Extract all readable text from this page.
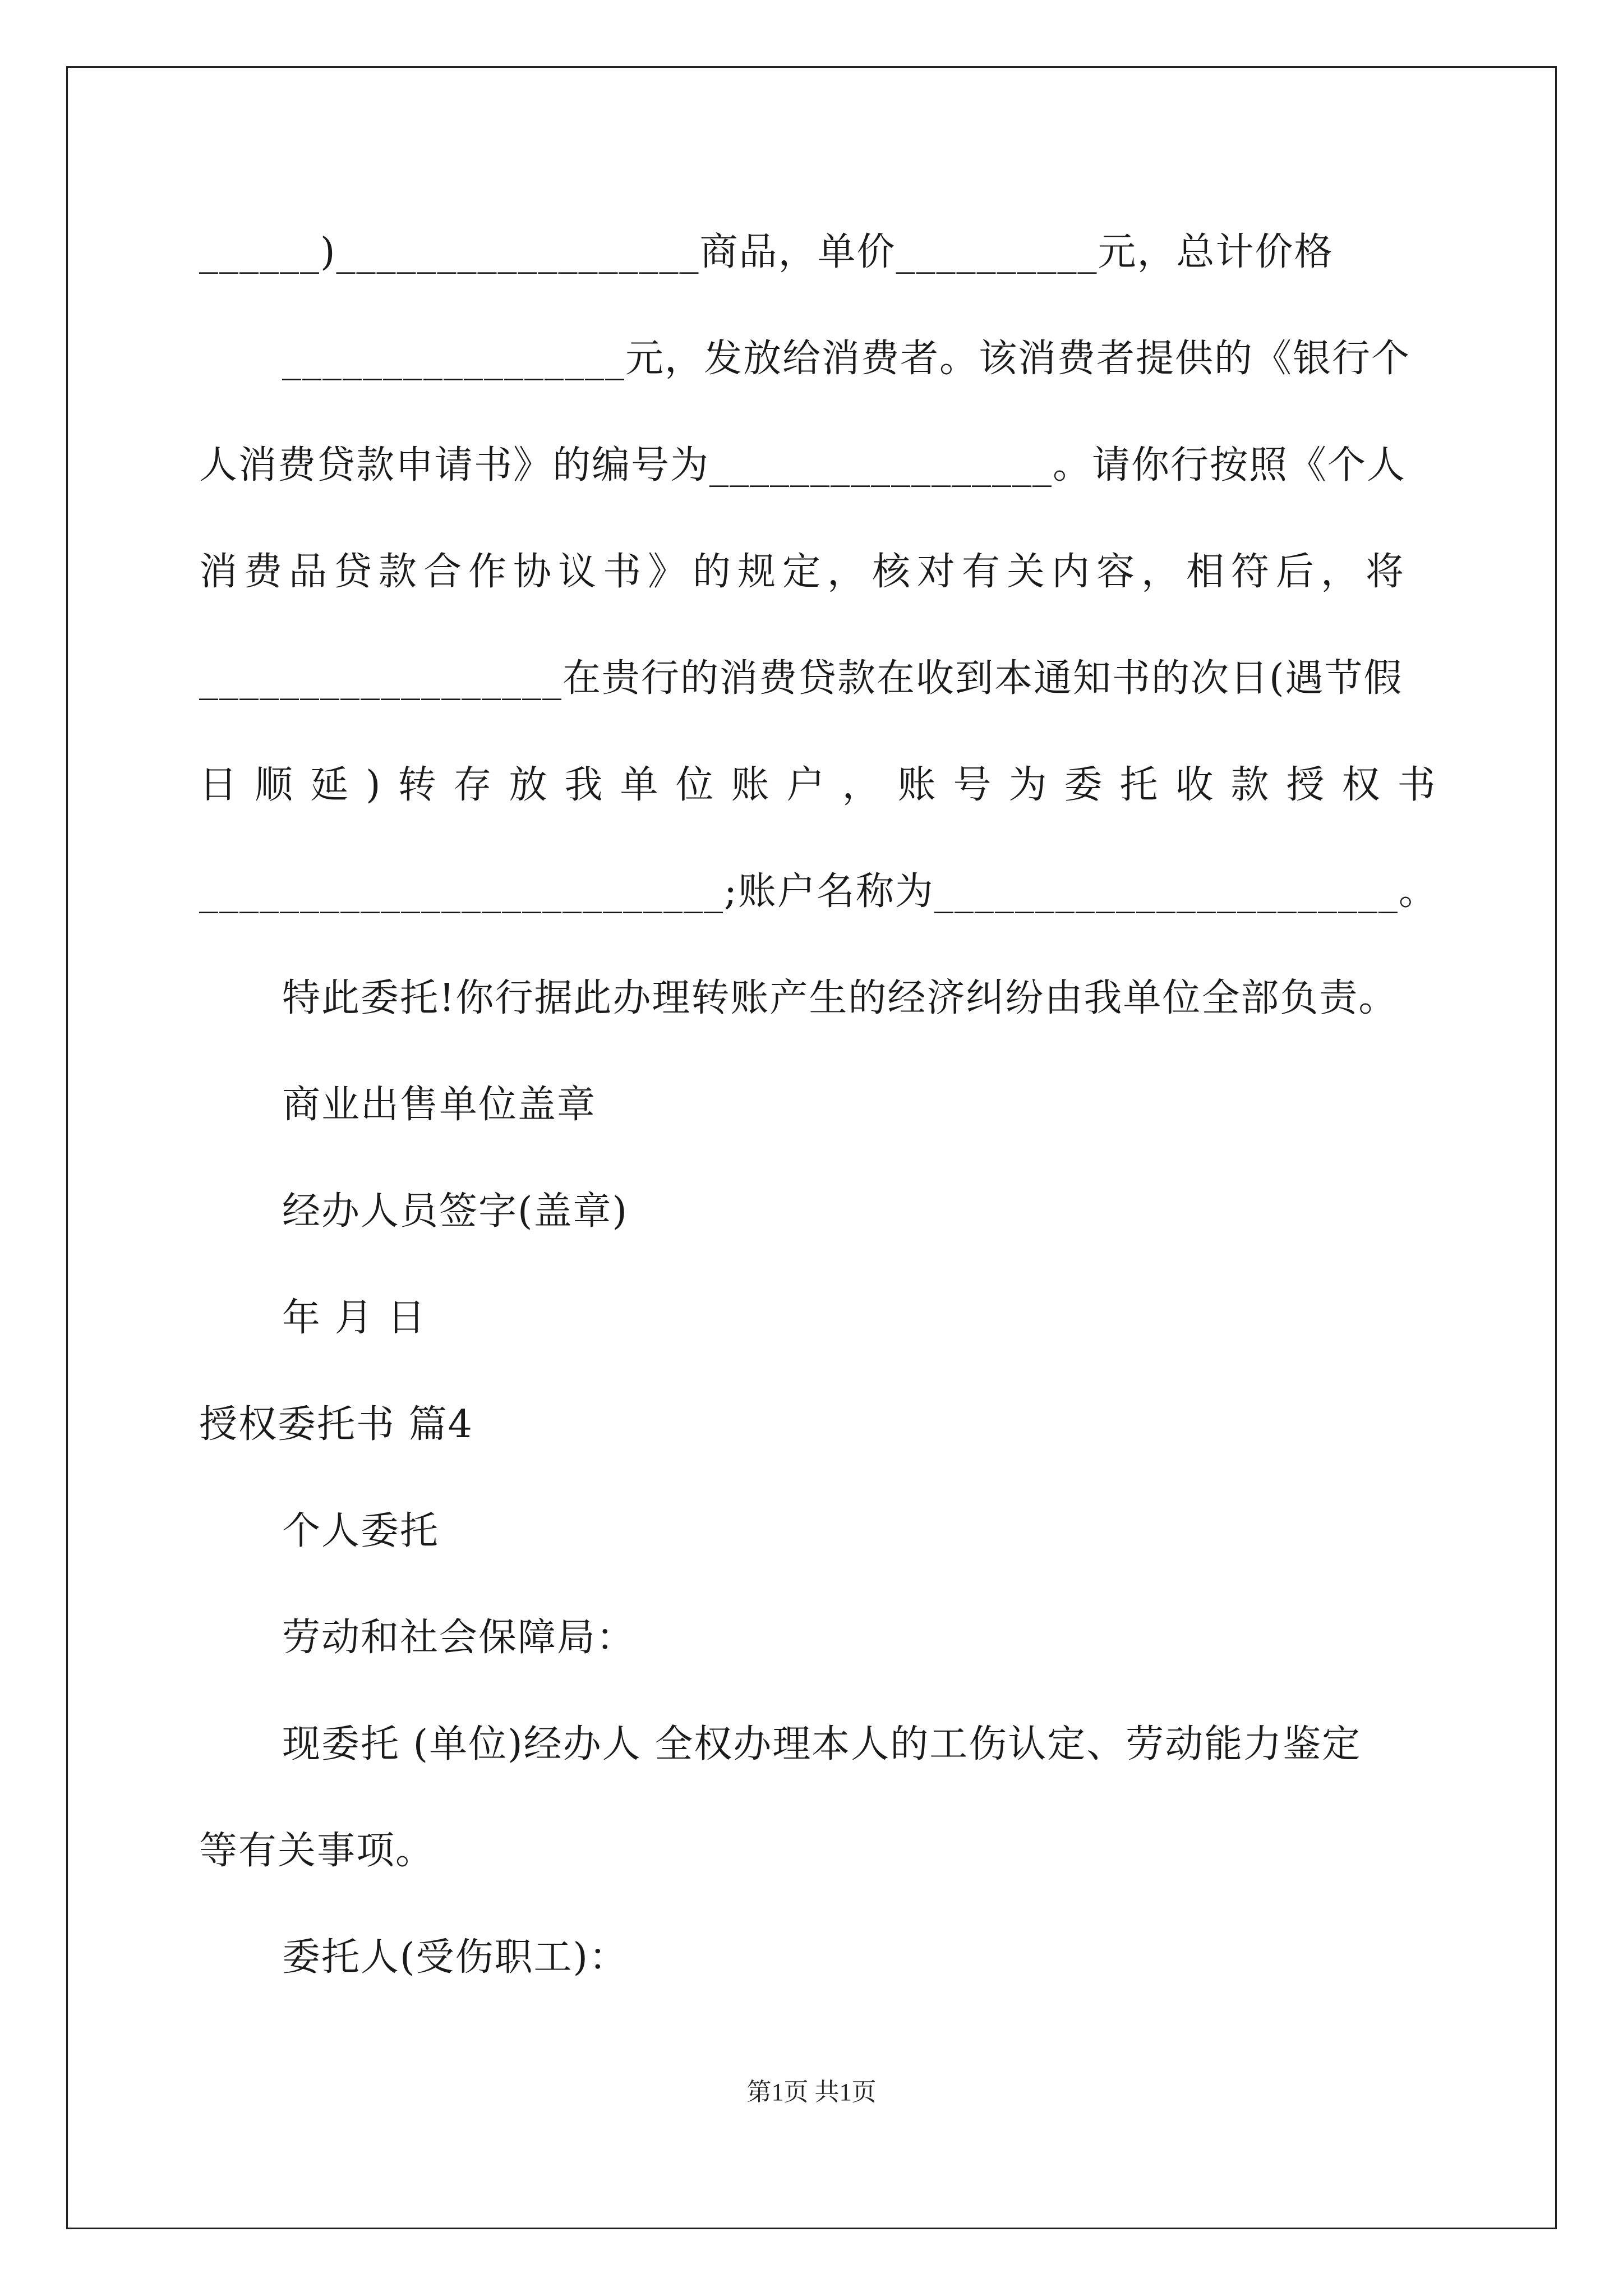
______)__________________商品，单价__________元，总计价格
_________________元，发放给消费者。该消费者提供的《银行个
人消费贷款申请书》的编号为_________________。请你行按照《个人
消费品贷款合作协议书》的规定，核对有关内容，相符后，将
__________________在贵行的消费贷款在收到本通知书的次日(遇节假
日顺延)转存放我单位账户，账号为委托收款授权书
__________________________;账户名称为_______________________。
特此委托!你行据此办理转账产生的经济纠纷由我单位全部负责。
商业出售单位盖章
经办人员签字(盖章)
年 月 日
授权委托书 篇4
个人委托
劳动和社会保障局：
现委托 (单位)经办人 全权办理本人的工伤认定、劳动能力鉴定
等有关事项。
委托人(受伤职工)：
第1页 共1页
